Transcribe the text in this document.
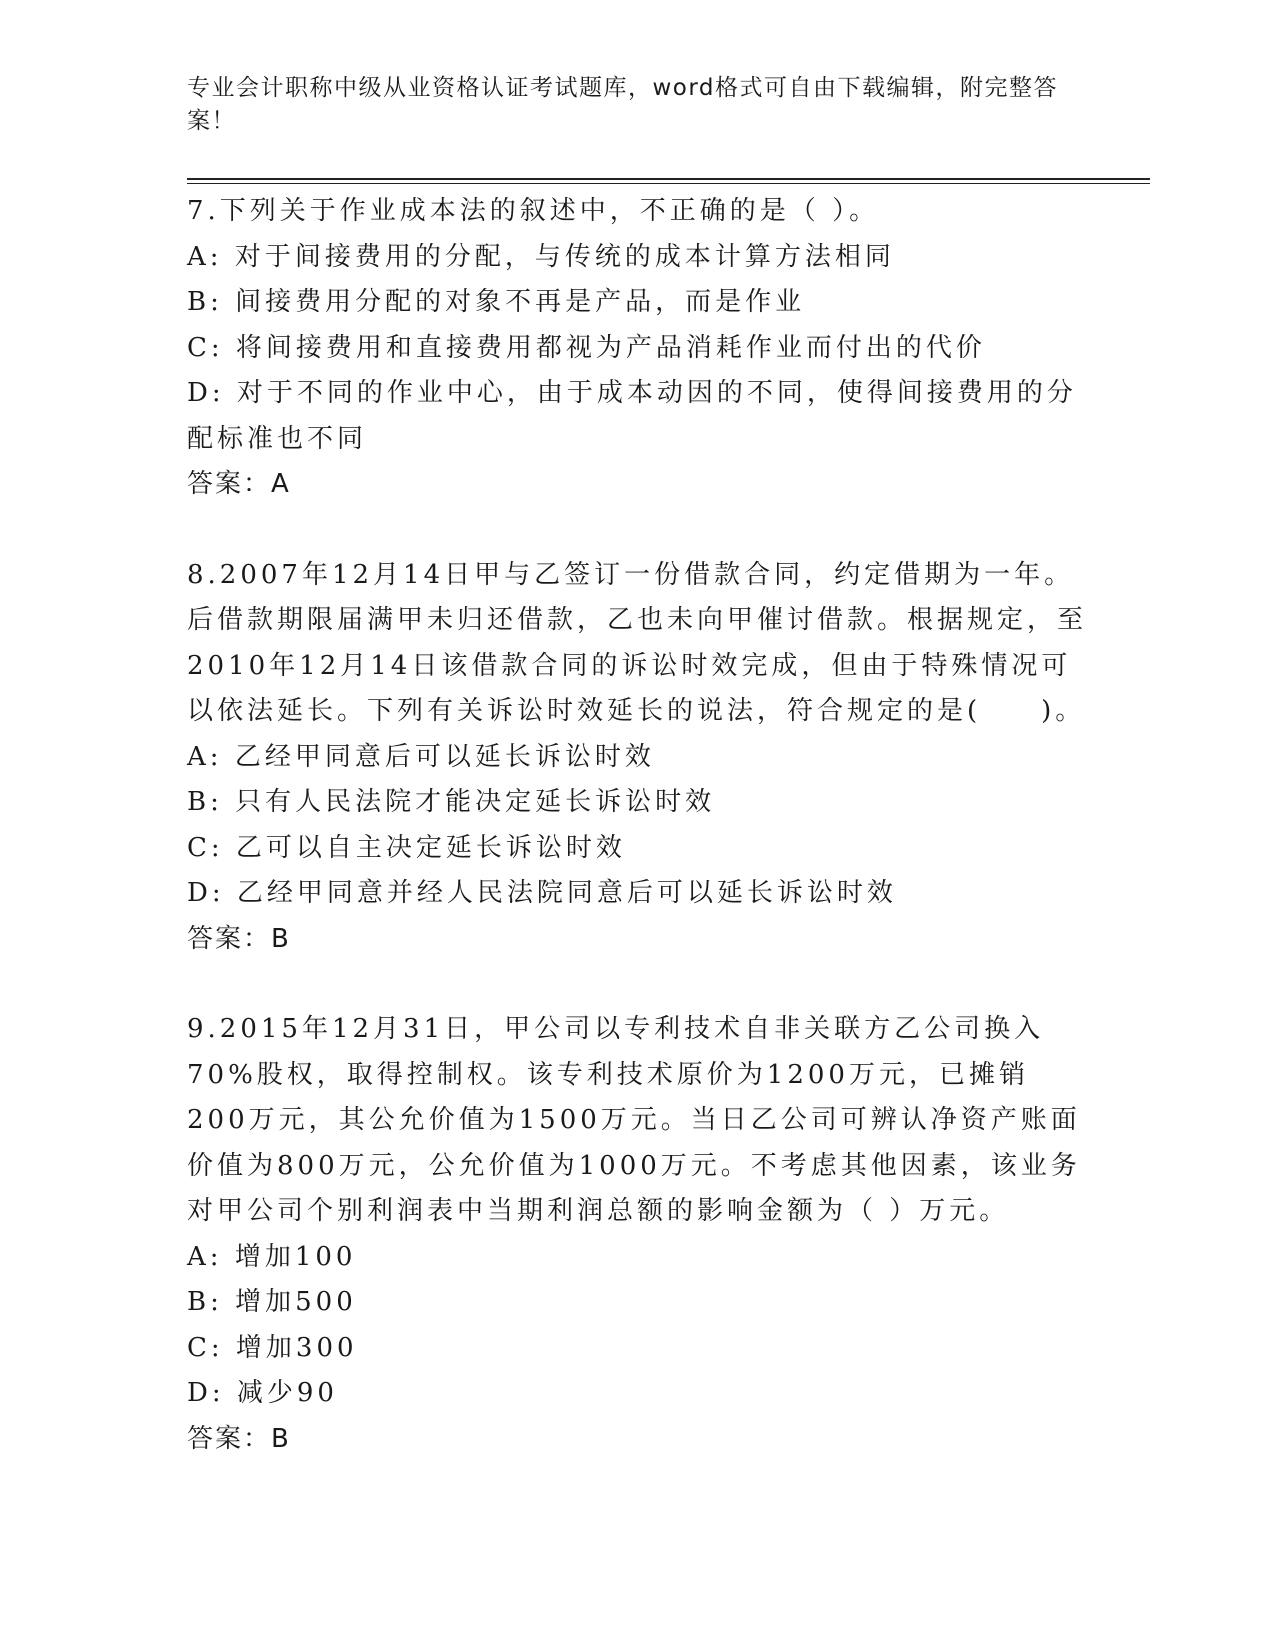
专业会计职称中级从业资格认证考试题库，word格式可自由下载编辑，附完整答案！

7.下列关于作业成本法的叙述中，不正确的是（ ）。

A: 对于间接费用的分配，与传统的成本计算方法相同

B: 间接费用分配的对象不再是产品，而是作业

C: 将间接费用和直接费用都视为产品消耗作业而付出的代价

D: 对于不同的作业中心，由于成本动因的不同，使得间接费用的分配标准也不同

答案：A

8.2007年12月14日甲与乙签订一份借款合同，约定借期为一年。后借款期限届满甲未归还借款，乙也未向甲催讨借款。根据规定，至2010年12月14日该借款合同的诉讼时效完成，但由于特殊情况可以依法延长。下列有关诉讼时效延长的说法，符合规定的是(　　)。

A: 乙经甲同意后可以延长诉讼时效

B: 只有人民法院才能决定延长诉讼时效

C: 乙可以自主决定延长诉讼时效

D: 乙经甲同意并经人民法院同意后可以延长诉讼时效

答案：B

9.2015年12月31日，甲公司以专利技术自非关联方乙公司换入70%股权，取得控制权。该专利技术原价为1200万元，已摊销200万元，其公允价值为1500万元。当日乙公司可辨认净资产账面价值为800万元，公允价值为1000万元。不考虑其他因素，该业务对甲公司个别利润表中当期利润总额的影响金额为（ ）万元。

A: 增加100

B: 增加500

C: 增加300

D: 减少90

答案：B
